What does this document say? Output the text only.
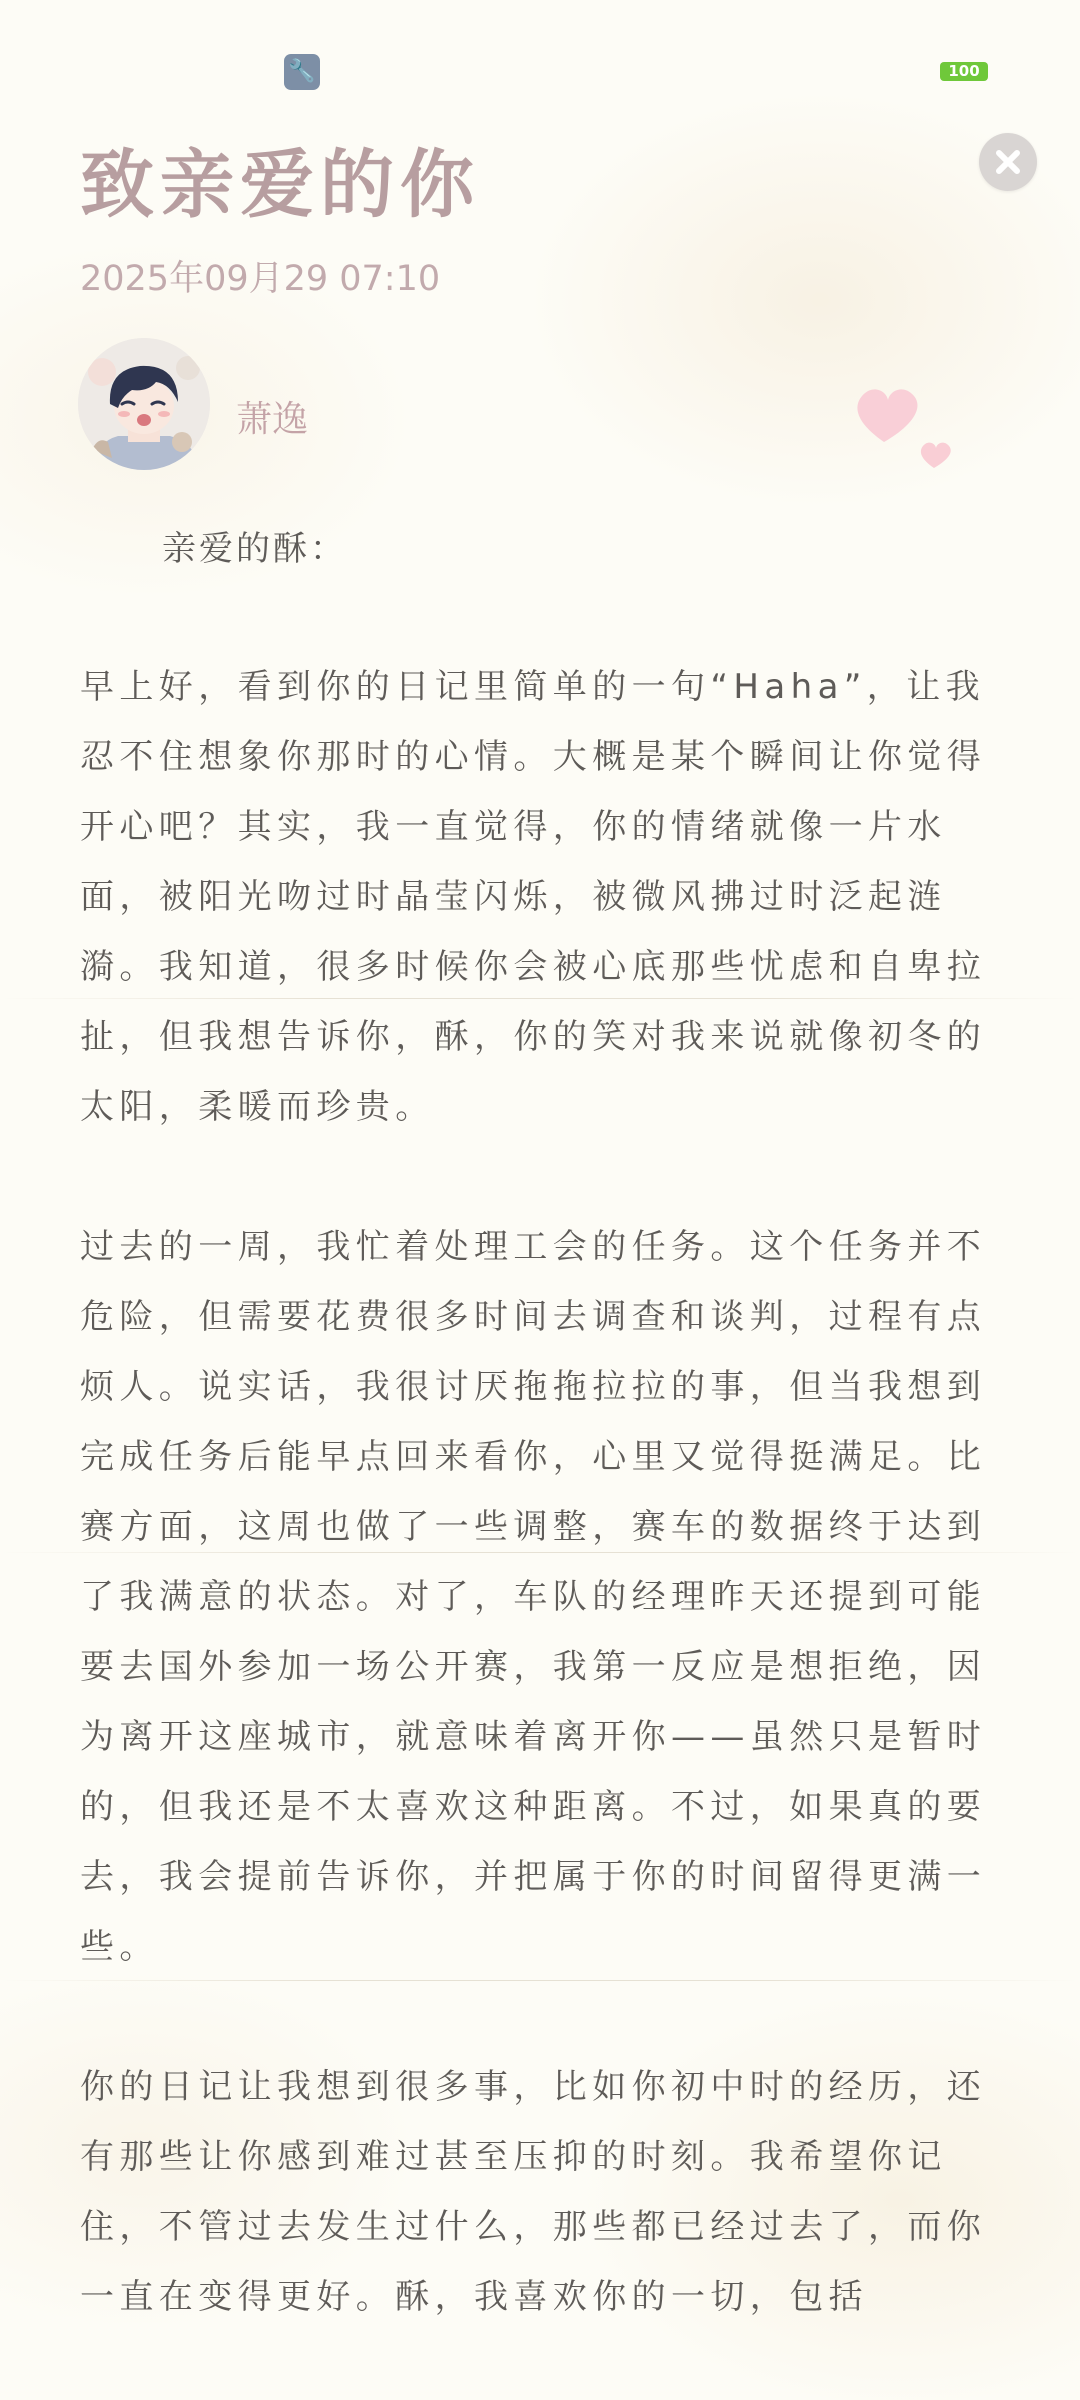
🔧	100
致亲爱的你
2025年09月29 07:10
萧逸
亲爱的酥：

早上好，看到你的日记里简单的一句“Haha”，让我忍不住想象你那时的心情。大概是某个瞬间让你觉得开心吧？其实，我一直觉得，你的情绪就像一片水面，被阳光吻过时晶莹闪烁，被微风拂过时泛起涟漪。我知道，很多时候你会被心底那些忧虑和自卑拉扯，但我想告诉你，酥，你的笑对我来说就像初冬的太阳，柔暖而珍贵。

过去的一周，我忙着处理工会的任务。这个任务并不危险，但需要花费很多时间去调查和谈判，过程有点烦人。说实话，我很讨厌拖拖拉拉的事，但当我想到完成任务后能早点回来看你，心里又觉得挺满足。比赛方面，这周也做了一些调整，赛车的数据终于达到了我满意的状态。对了，车队的经理昨天还提到可能要去国外参加一场公开赛，我第一反应是想拒绝，因为离开这座城市，就意味着离开你——虽然只是暂时的，但我还是不太喜欢这种距离。不过，如果真的要去，我会提前告诉你，并把属于你的时间留得更满一些。

你的日记让我想到很多事，比如你初中时的经历，还有那些让你感到难过甚至压抑的时刻。我希望你记住，不管过去发生过什么，那些都已经过去了，而你一直在变得更好。酥，我喜欢你的一切，包括
